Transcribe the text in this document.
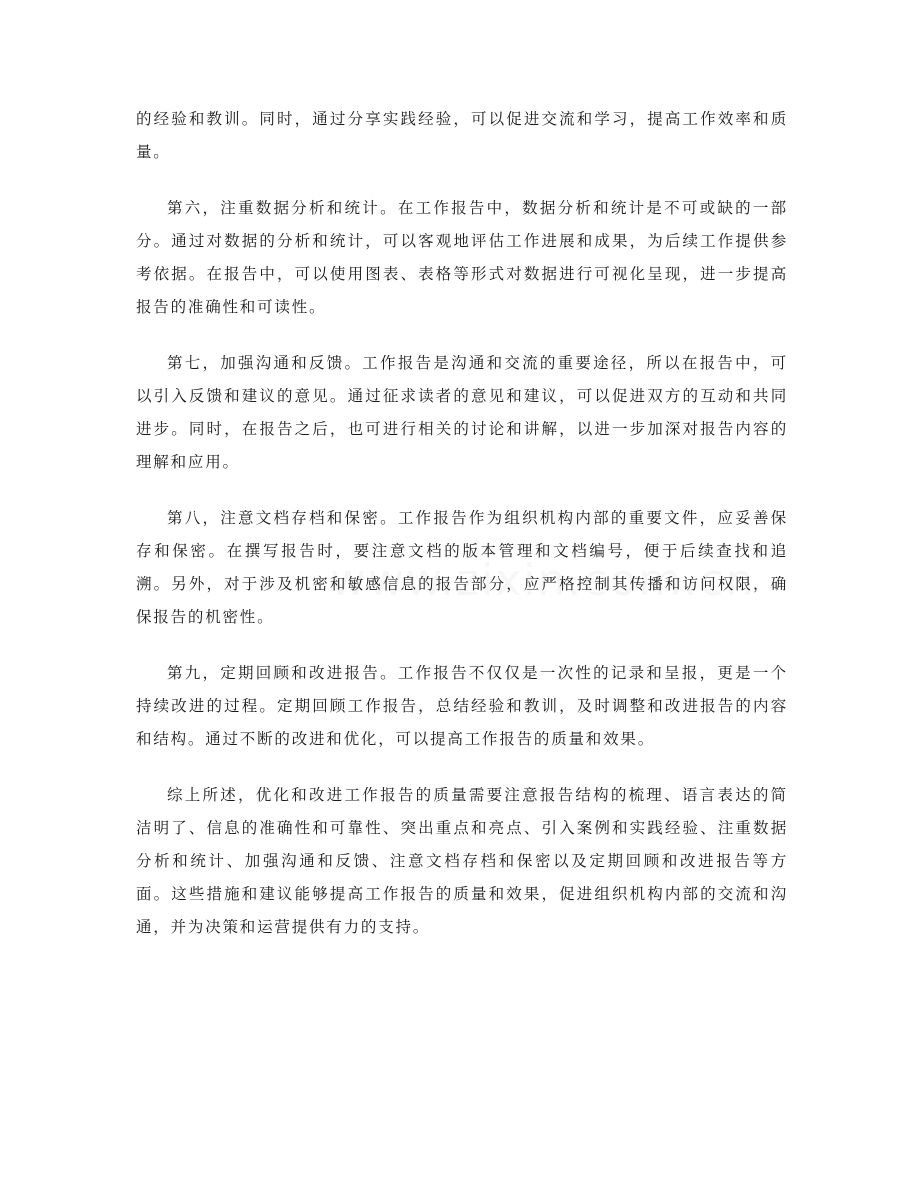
的经验和教训。同时，通过分享实践经验，可以促进交流和学习，提高工作效率和质量。

第六，注重数据分析和统计。在工作报告中，数据分析和统计是不可或缺的一部分。通过对数据的分析和统计，可以客观地评估工作进展和成果，为后续工作提供参考依据。在报告中，可以使用图表、表格等形式对数据进行可视化呈现，进一步提高报告的准确性和可读性。

第七，加强沟通和反馈。工作报告是沟通和交流的重要途径，所以在报告中，可以引入反馈和建议的意见。通过征求读者的意见和建议，可以促进双方的互动和共同进步。同时，在报告之后，也可进行相关的讨论和讲解，以进一步加深对报告内容的理解和应用。

第八，注意文档存档和保密。工作报告作为组织机构内部的重要文件，应妥善保存和保密。在撰写报告时，要注意文档的版本管理和文档编号，便于后续查找和追溯。另外，对于涉及机密和敏感信息的报告部分，应严格控制其传播和访问权限，确保报告的机密性。

第九，定期回顾和改进报告。工作报告不仅仅是一次性的记录和呈报，更是一个持续改进的过程。定期回顾工作报告，总结经验和教训，及时调整和改进报告的内容和结构。通过不断的改进和优化，可以提高工作报告的质量和效果。

综上所述，优化和改进工作报告的质量需要注意报告结构的梳理、语言表达的简洁明了、信息的准确性和可靠性、突出重点和亮点、引入案例和实践经验、注重数据分析和统计、加强沟通和反馈、注意文档存档和保密以及定期回顾和改进报告等方面。这些措施和建议能够提高工作报告的质量和效果，促进组织机构内部的交流和沟通，并为决策和运营提供有力的支持。
